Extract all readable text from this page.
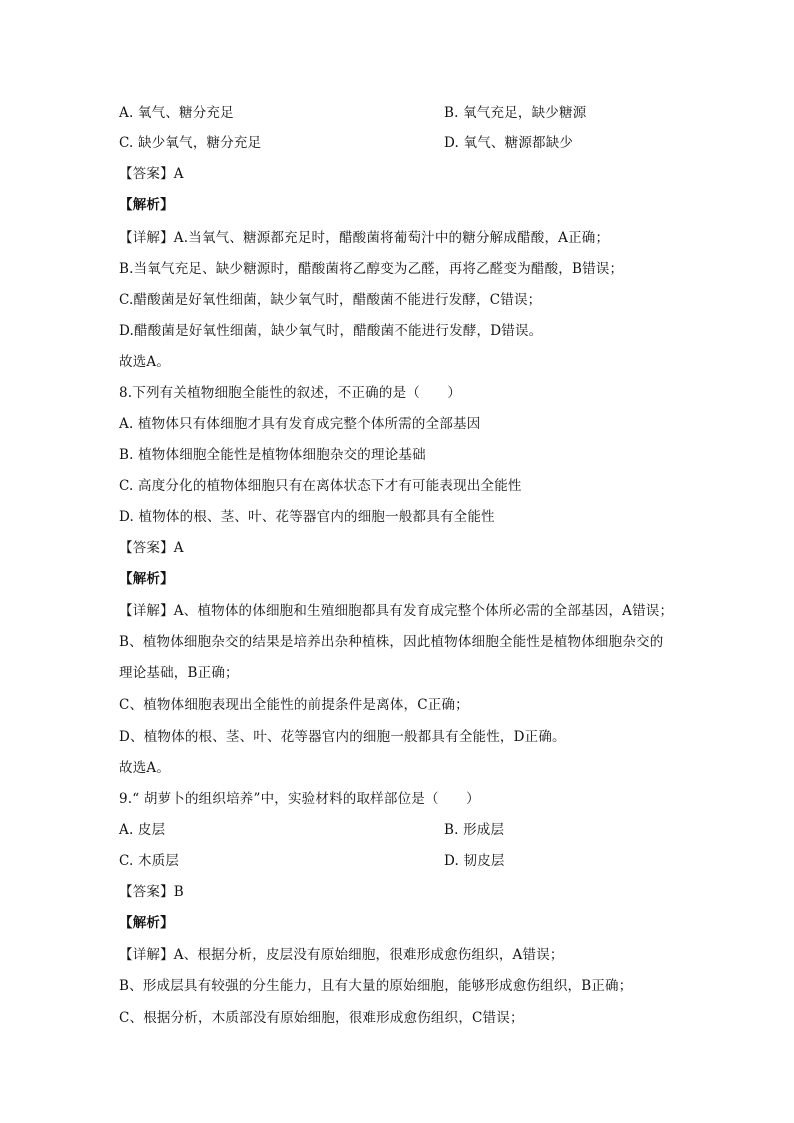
A. 氧气、糖分充足	B. 氧气充足，缺少糖源
C. 缺少氧气，糖分充足	D. 氧气、糖源都缺少
【答案】A
【解析】
【详解】A.当氧气、糖源都充足时，醋酸菌将葡萄汁中的糖分解成醋酸，A正确；
B.当氧气充足、缺少糖源时，醋酸菌将乙醇变为乙醛，再将乙醛变为醋酸，B错误；
C.醋酸菌是好氧性细菌，缺少氧气时，醋酸菌不能进行发酵，C错误；
D.醋酸菌是好氧性细菌，缺少氧气时，醋酸菌不能进行发酵，D错误。
故选A。
8.下列有关植物细胞全能性的叙述，不正确的是（　　）
A. 植物体只有体细胞才具有发育成完整个体所需的全部基因
B. 植物体细胞全能性是植物体细胞杂交的理论基础
C. 高度分化的植物体细胞只有在离体状态下才有可能表现出全能性
D. 植物体的根、茎、叶、花等器官内的细胞一般都具有全能性
【答案】A
【解析】
【详解】A、植物体的体细胞和生殖细胞都具有发育成完整个体所必需的全部基因，A错误；
B、植物体细胞杂交的结果是培养出杂种植株，因此植物体细胞全能性是植物体细胞杂交的
理论基础，B正确；
C、植物体细胞表现出全能性的前提条件是离体，C正确；
D、植物体的根、茎、叶、花等器官内的细胞一般都具有全能性，D正确。
故选A。
9.“ 胡萝卜的组织培养”中，实验材料的取样部位是（　　）
A. 皮层	B. 形成层
C. 木质层	D. 韧皮层
【答案】B
【解析】
【详解】A、根据分析，皮层没有原始细胞，很难形成愈伤组织，A错误；
B、形成层具有较强的分生能力，且有大量的原始细胞，能够形成愈伤组织，B正确；
C、根据分析，木质部没有原始细胞，很难形成愈伤组织，C错误；
